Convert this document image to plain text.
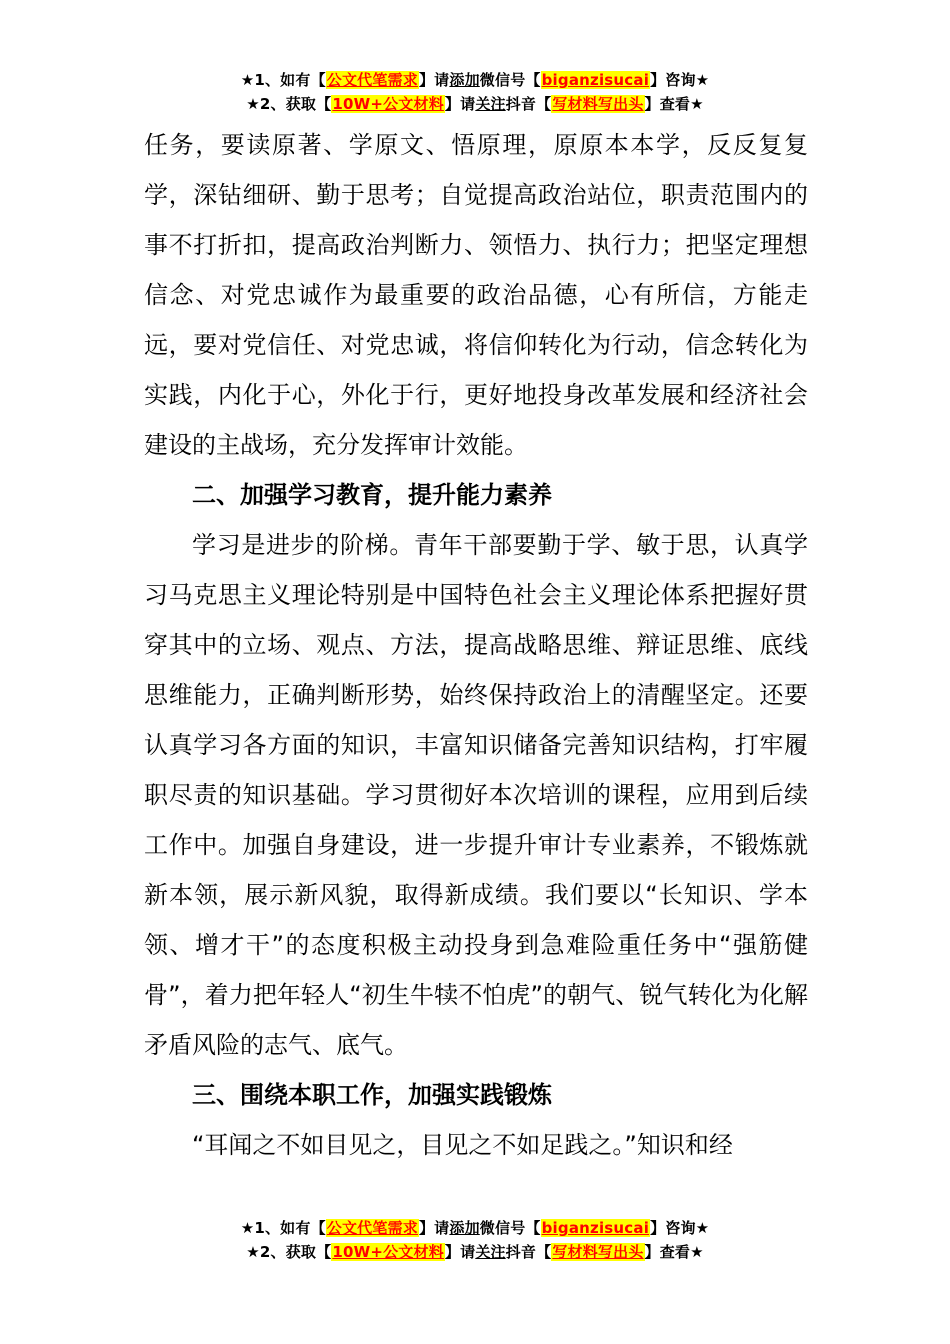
★1、如有【公文代笔需求】请添加微信号【biganzisucai】咨询★
★2、获取【10W+公文材料】请关注抖音【写材料写出头】查看★

任务，要读原著、学原文、悟原理，原原本本学，反反复复学，深钻细研、勤于思考；自觉提高政治站位，职责范围内的事不打折扣，提高政治判断力、领悟力、执行力；把坚定理想信念、对党忠诚作为最重要的政治品德，心有所信，方能走远，要对党信任、对党忠诚，将信仰转化为行动，信念转化为实践，内化于心，外化于行，更好地投身改革发展和经济社会建设的主战场，充分发挥审计效能。

二、加强学习教育，提升能力素养

学习是进步的阶梯。青年干部要勤于学、敏于思，认真学习马克思主义理论特别是中国特色社会主义理论体系把握好贯穿其中的立场、观点、方法，提高战略思维、辩证思维、底线思维能力，正确判断形势，始终保持政治上的清醒坚定。还要认真学习各方面的知识，丰富知识储备完善知识结构，打牢履职尽责的知识基础。学习贯彻好本次培训的课程，应用到后续工作中。加强自身建设，进一步提升审计专业素养，不锻炼就新本领，展示新风貌，取得新成绩。我们要以“长知识、学本领、增才干”的态度积极主动投身到急难险重任务中“强筋健骨”，着力把年轻人“初生牛犊不怕虎”的朝气、锐气转化为化解矛盾风险的志气、底气。

三、围绕本职工作，加强实践锻炼

“耳闻之不如目见之，目见之不如足践之。”知识和经

★1、如有【公文代笔需求】请添加微信号【biganzisucai】咨询★
★2、获取【10W+公文材料】请关注抖音【写材料写出头】查看★
